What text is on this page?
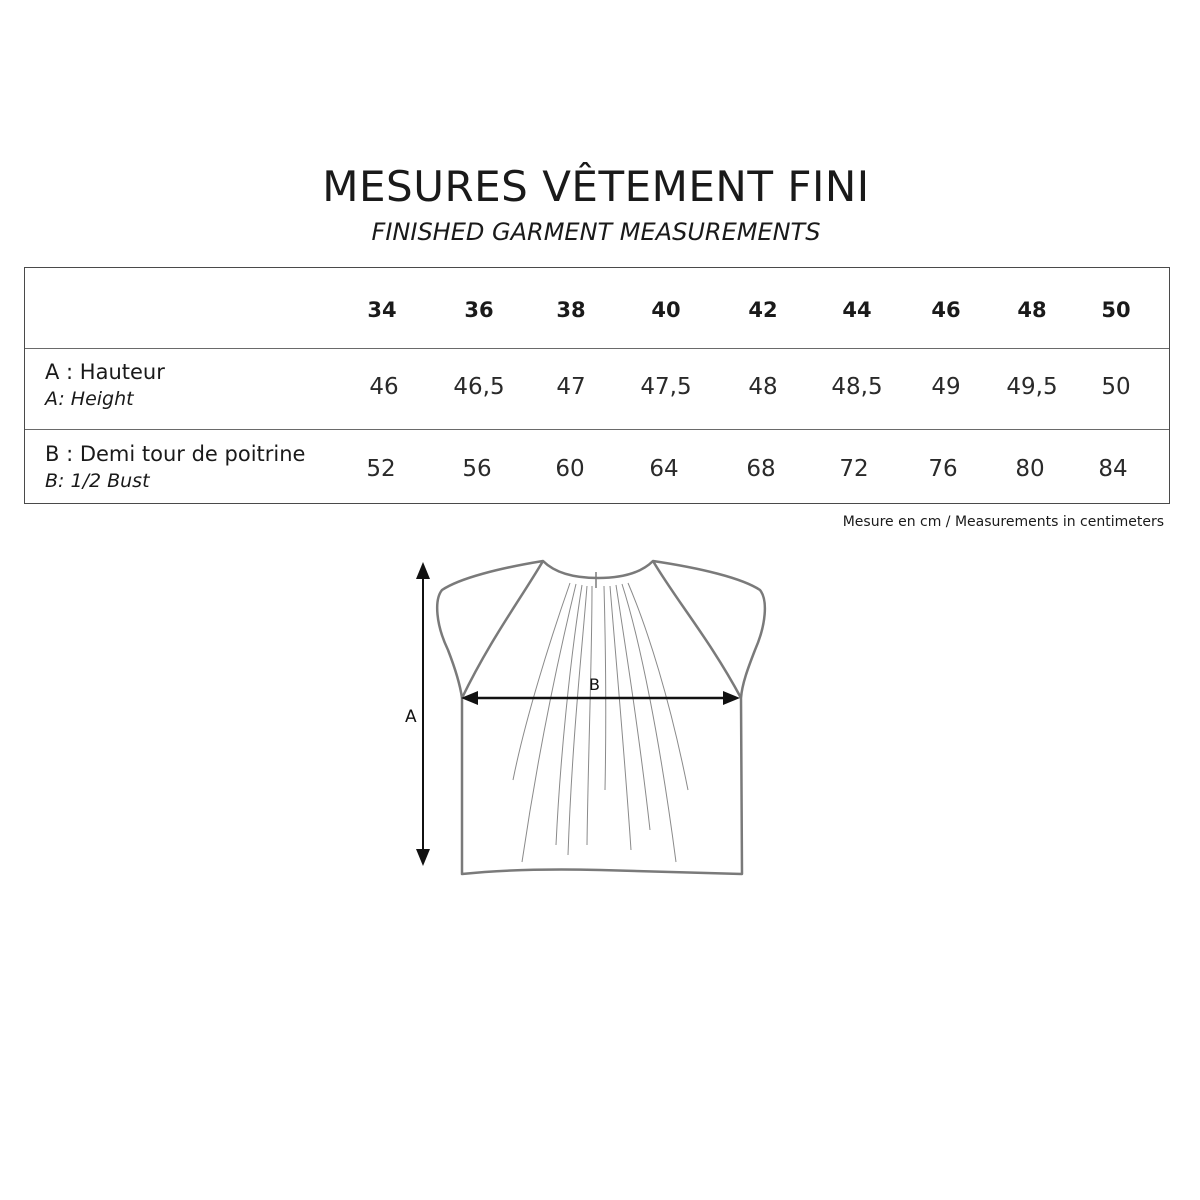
MESURES VÊTEMENT FINI
FINISHED GARMENT MEASUREMENTS
34	36	38	40	42	44	46	48	50
A : Hauteur
A: Height	46	46,5	47	47,5	48	48,5	49	49,5	50
B : Demi tour de poitrine
B: 1/2 Bust	52	56	60	64	68	72	76	80	84
Mesure en cm / Measurements in centimeters
A
B
